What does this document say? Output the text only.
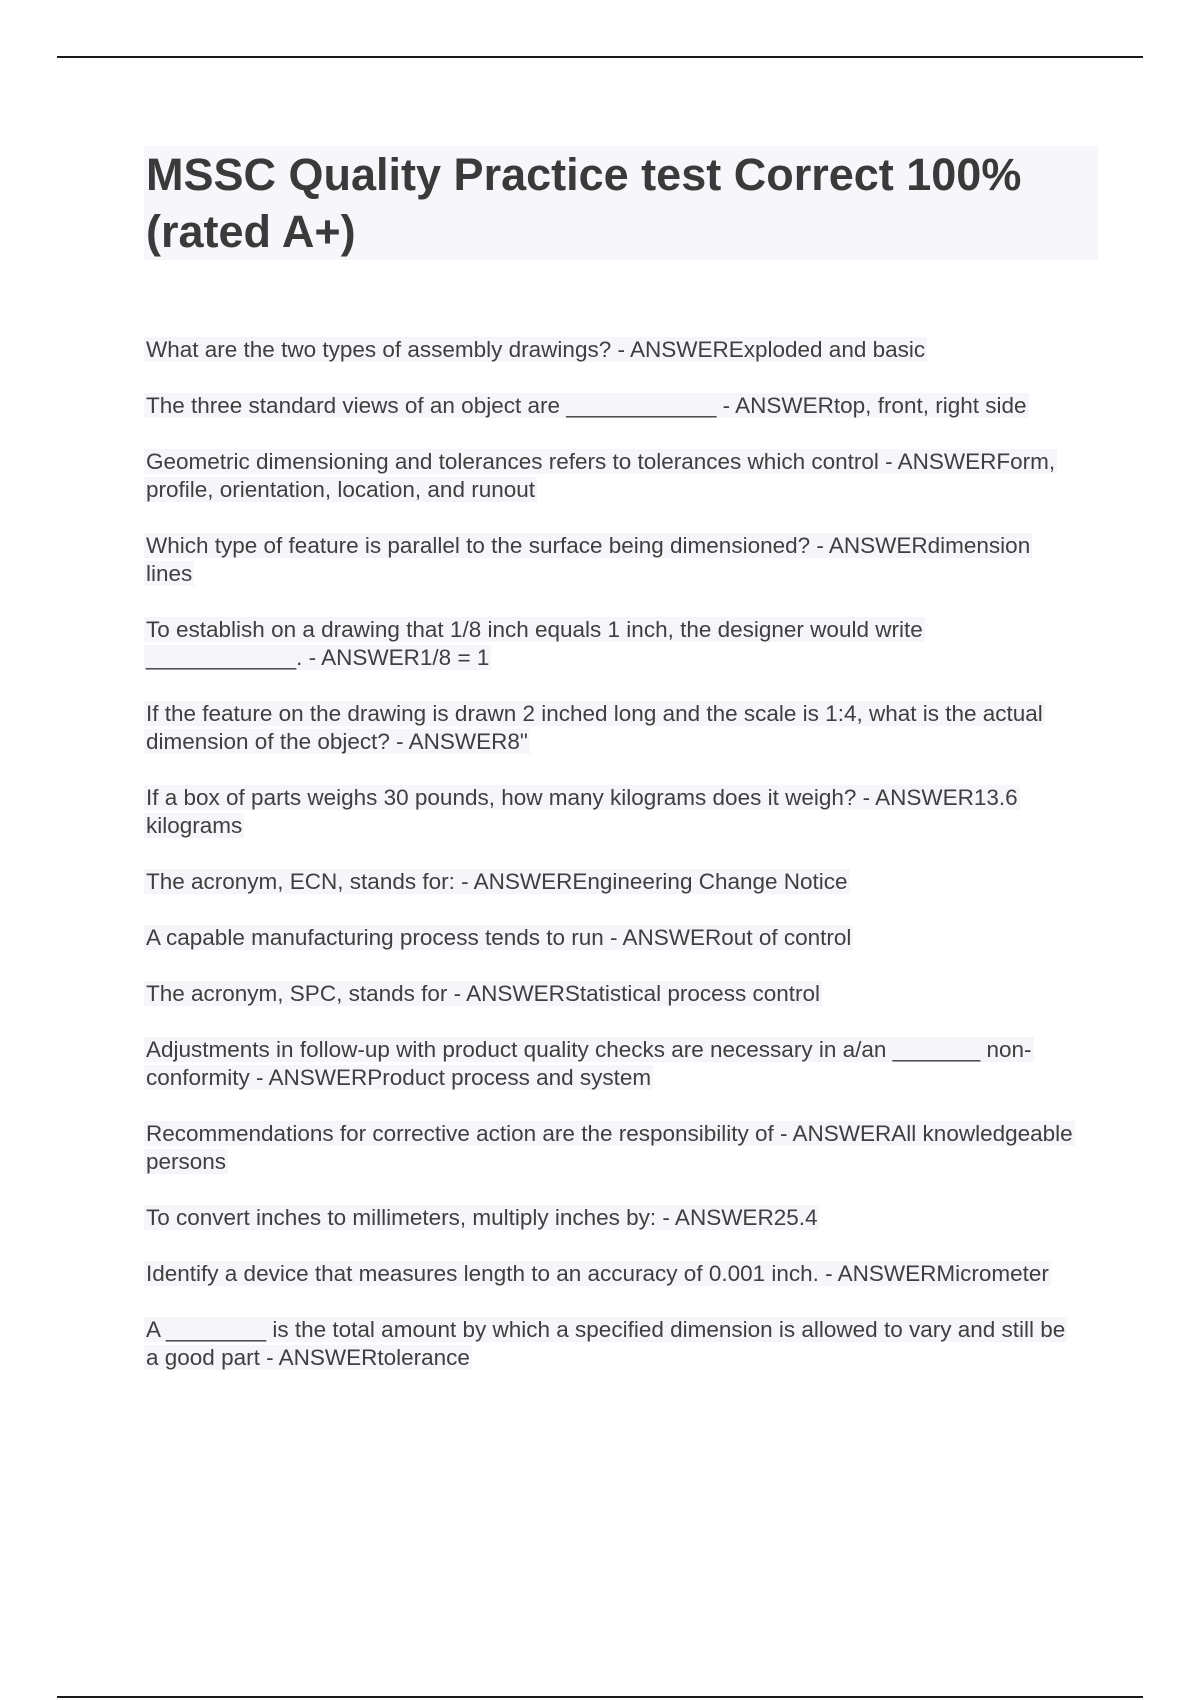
MSSC Quality Practice test Correct 100% (rated A+)
What are the two types of assembly drawings? - ANSWERExploded and basic
The three standard views of an object are ____________ - ANSWERtop, front, right side
Geometric dimensioning and tolerances refers to tolerances which control - ANSWERForm, profile, orientation, location, and runout
Which type of feature is parallel to the surface being dimensioned? - ANSWERdimension lines
To establish on a drawing that 1/8 inch equals 1 inch, the designer would write ____________. - ANSWER1/8 = 1
If the feature on the drawing is drawn 2 inched long and the scale is 1:4, what is the actual dimension of the object? - ANSWER8"
If a box of parts weighs 30 pounds, how many kilograms does it weigh? - ANSWER13.6 kilograms
The acronym, ECN, stands for: - ANSWEREngineering Change Notice
A capable manufacturing process tends to run - ANSWERout of control
The acronym, SPC, stands for - ANSWERStatistical process control
Adjustments in follow-up with product quality checks are necessary in a/an _______ non-conformity - ANSWERProduct process and system
Recommendations for corrective action are the responsibility of - ANSWERAll knowledgeable persons
To convert inches to millimeters, multiply inches by: - ANSWER25.4
Identify a device that measures length to an accuracy of 0.001 inch. - ANSWERMicrometer
A ________ is the total amount by which a specified dimension is allowed to vary and still be a good part - ANSWERtolerance
